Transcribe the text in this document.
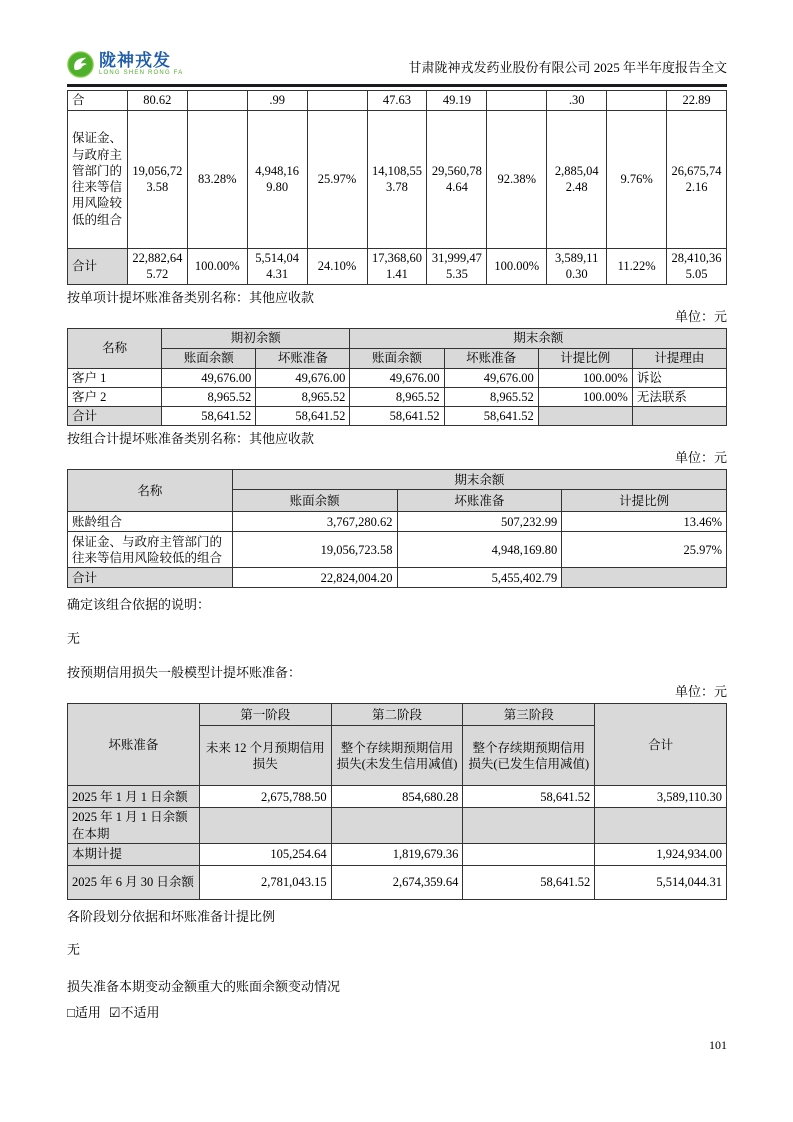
陇神戎发
LONG SHEN RONG FA	甘肃陇神戎发药业股份有限公司 2025 年半年度报告全文
合	80.62		.99		47.63	49.19		.30		22.89
保证金、与政府主管部门的往来等信用风险较低的组合	19,056,723.58	83.28%	4,948,169.80	25.97%	14,108,553.78	29,560,784.64	92.38%	2,885,042.48	9.76%	26,675,742.16
合计	22,882,645.72	100.00%	5,514,044.31	24.10%	17,368,601.41	31,999,475.35	100.00%	3,589,110.30	11.22%	28,410,365.05

按单项计提坏账准备类别名称：其他应收款

单位：元

名称	期初余额		期末余额			
	账面余额	坏账准备	账面余额	坏账准备	计提比例	计提理由
客户 1	49,676.00	49,676.00	49,676.00	49,676.00	100.00%	诉讼
客户 2	8,965.52	8,965.52	8,965.52	8,965.52	100.00%	无法联系
合计	58,641.52	58,641.52	58,641.52	58,641.52		

按组合计提坏账准备类别名称：其他应收款

单位：元

名称	期末余额		
	账面余额	坏账准备	计提比例
账龄组合	3,767,280.62	507,232.99	13.46%
保证金、与政府主管部门的往来等信用风险较低的组合	19,056,723.58	4,948,169.80	25.97%
合计	22,824,004.20	5,455,402.79	

确定该组合依据的说明：

无

按预期信用损失一般模型计提坏账准备：

单位：元

坏账准备	第一阶段	第二阶段	第三阶段	合计
	未来 12 个月预期信用损失	整个存续期预期信用损失(未发生信用减值)	整个存续期预期信用损失(已发生信用减值)	
2025 年 1 月 1 日余额	2,675,788.50	854,680.28	58,641.52	3,589,110.30
2025 年 1 月 1 日余额在本期				
本期计提	105,254.64	1,819,679.36		1,924,934.00
2025 年 6 月 30 日余额	2,781,043.15	2,674,359.64	58,641.52	5,514,044.31

各阶段划分依据和坏账准备计提比例

无

损失准备本期变动金额重大的账面余额变动情况

□适用 ☑不适用
101
